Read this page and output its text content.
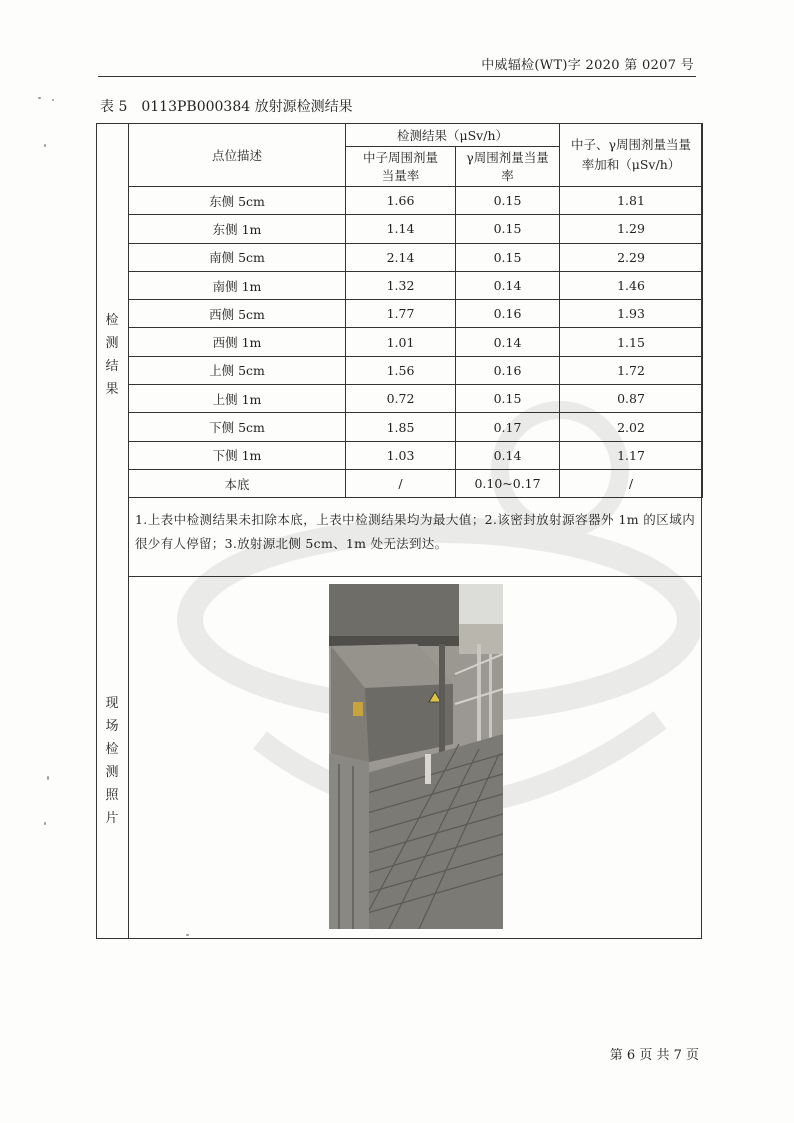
中威辐检(WT)字 2020 第 0207 号
表 5 0113PB000384 放射源检测结果
检
测
结
果
现
场
检
测
照
片
点位描述	检测结果（μSv/h）		中子、γ周围剂量当量率加和（μSv/h）
	中子周围剂量当量率	γ周围剂量当量率	
东侧 5cm	1.66	0.15	1.81
东侧 1m	1.14	0.15	1.29
南侧 5cm	2.14	0.15	2.29
南侧 1m	1.32	0.14	1.46
西侧 5cm	1.77	0.16	1.93
西侧 1m	1.01	0.14	1.15
上侧 5cm	1.56	0.16	1.72
上侧 1m	0.72	0.15	0.87
下侧 5cm	1.85	0.17	2.02
下侧 1m	1.03	0.14	1.17
本底	/	0.10~0.17	/
1.上表中检测结果未扣除本底，上表中检测结果均为最大值；2.该密封放射源容器外 1m 的区域内很少有人停留；3.放射源北侧 5cm、1m 处无法到达。
第 6 页 共 7 页
